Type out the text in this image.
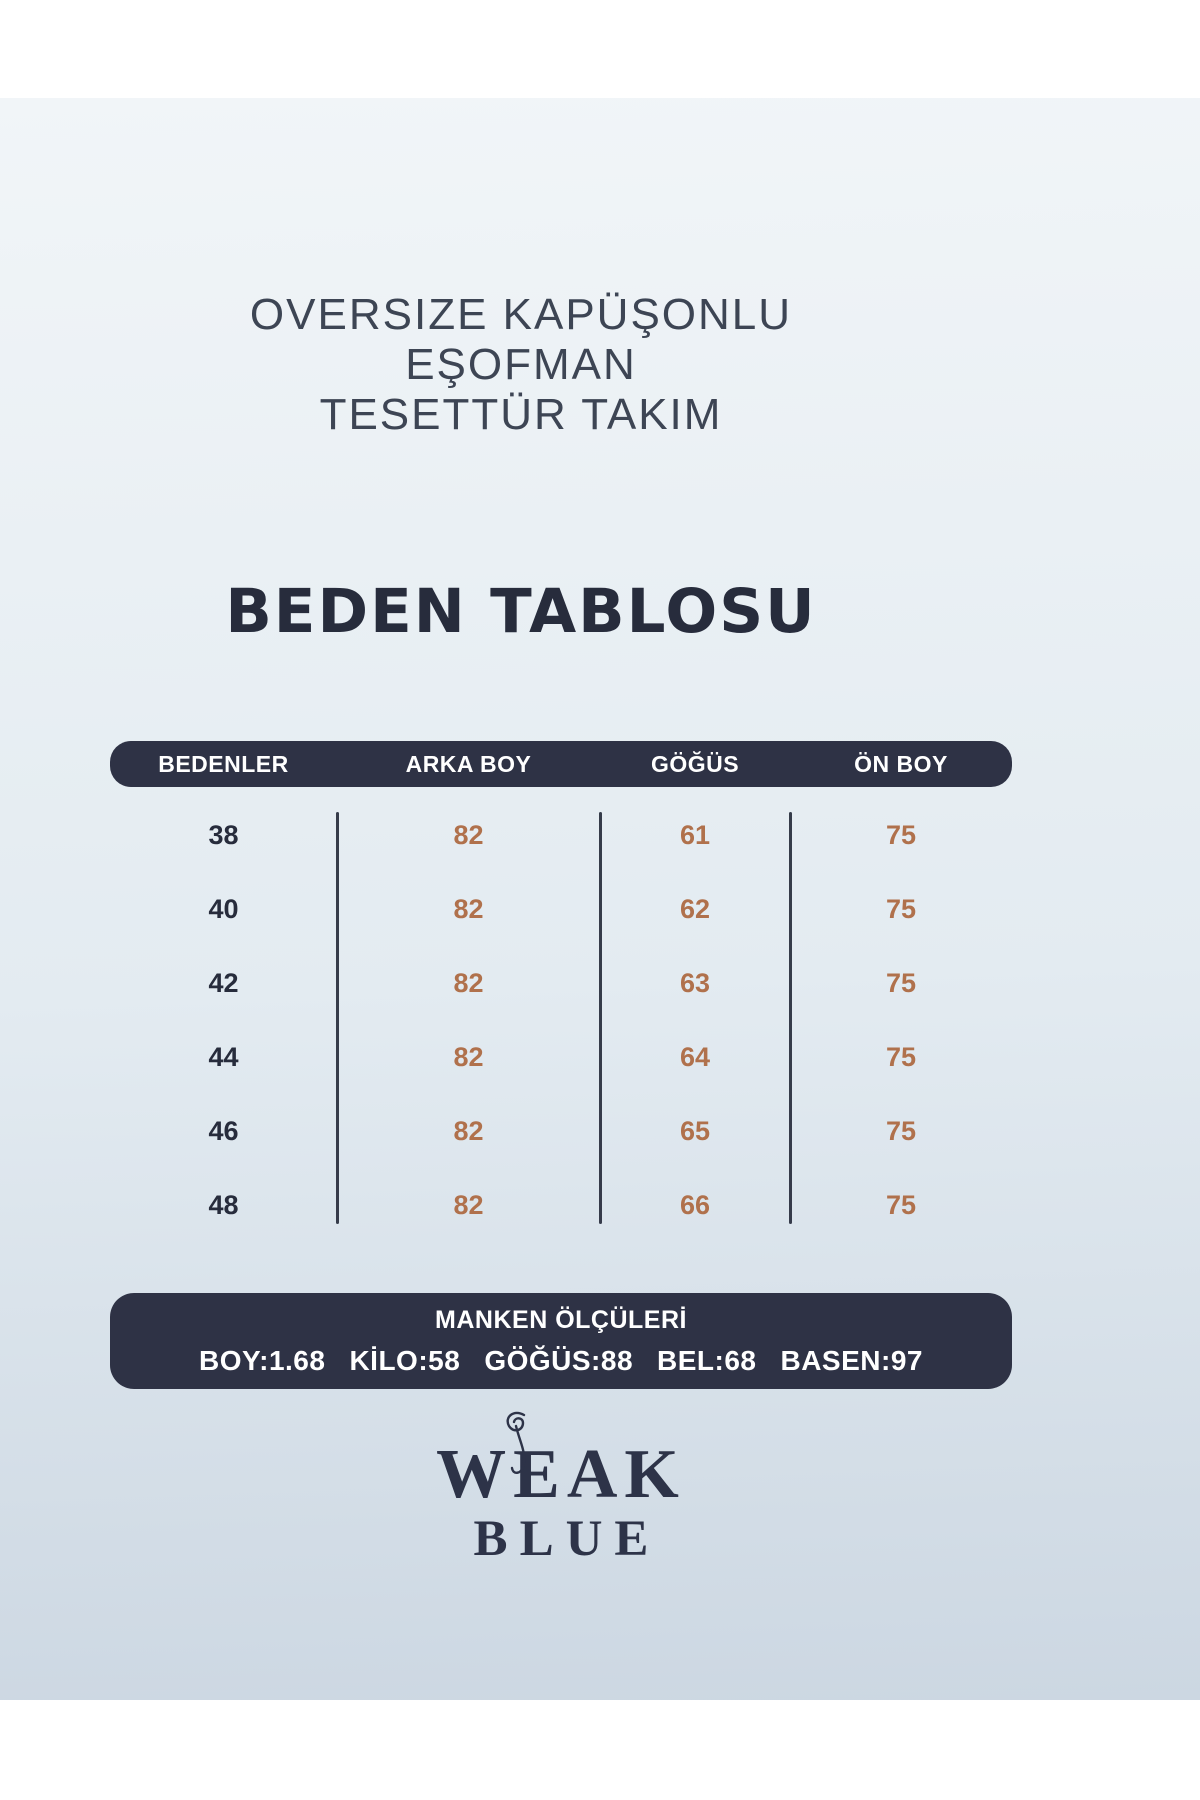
OVERSIZE KAPÜŞONLU
EŞOFMAN
TESETTÜR TAKIM
BEDEN TABLOSU
BEDENLER	ARKA BOY	GÖĞÜS	ÖN BOY
38	82	61	75
40	82	62	75
42	82	63	75
44	82	64	75
46	82	65	75
48	82	66	75
MANKEN ÖLÇÜLERİ
BOY:1.68 KİLO:58 GÖĞÜS:88 BEL:68 BASEN:97
WEAK
BLUE
